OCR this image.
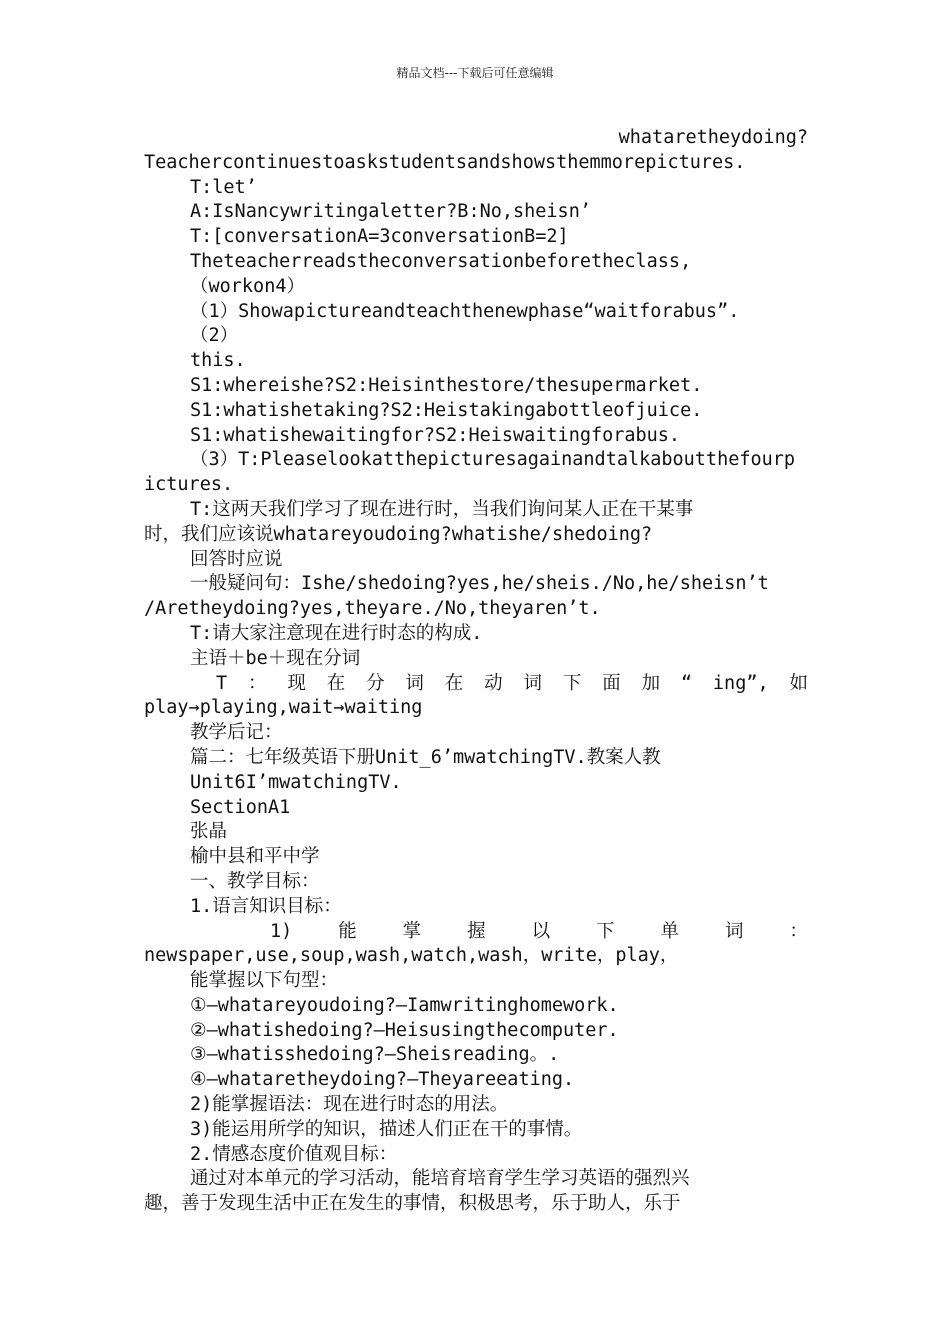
精品文档---下载后可任意编辑
whataretheydoing?
Teachercontinuestoaskstudentsandshowsthemmorepictures.
T:let’
A:IsNancywritingaletter?B:No,sheisn’
T:[conversationA=3conversationB=2]
Theteacherreadstheconversationbeforetheclass,
（workon4）
（1）Showapictureandteachthenewphase“waitforabus”.
（2）
this.
S1:whereishe?S2:Heisinthestore/thesupermarket.
S1:whatishetaking?S2:Heistakingabottleofjuice.
S1:whatishewaitingfor?S2:Heiswaitingforabus.
（3）T:Pleaselookatthepicturesagainandtalkaboutthefourp
ictures.
T:这两天我们学习了现在进行时，当我们询问某人正在干某事
时，我们应该说whatareyoudoing?whatishe/shedoing?
回答时应说
一般疑问句：Ishe/shedoing?yes,he/sheis./No,he/sheisn’t
/Aretheydoing?yes,theyare./No,theyaren’t.
T:请大家注意现在进行时态的构成.
主语＋be＋现在分词
T ： 现 在 分 词 在 动 词 下 面 加 “ ing”, 如
play→playing,wait→waiting
教学后记：
篇二：七年级英语下册Unit_6’mwatchingTV.教案人教
Unit6I’mwatchingTV.
SectionA1
张晶
榆中县和平中学
一、教学目标：
1.语言知识目标：
1) 能 掌 握 以 下 单 词 ：
newspaper,use,soup,wash,watch,wash，write，play，
能掌握以下句型：
①—whatareyoudoing?—Iamwritinghomework.
②—whatishedoing?—Heisusingthecomputer.
③—whatisshedoing?—Sheisreading。.
④—whataretheydoing?—Theyareeating.
2)能掌握语法：现在进行时态的用法。
3)能运用所学的知识，描述人们正在干的事情。
2.情感态度价值观目标：
通过对本单元的学习活动，能培育培育学生学习英语的强烈兴
趣，善于发现生活中正在发生的事情，积极思考，乐于助人，乐于
